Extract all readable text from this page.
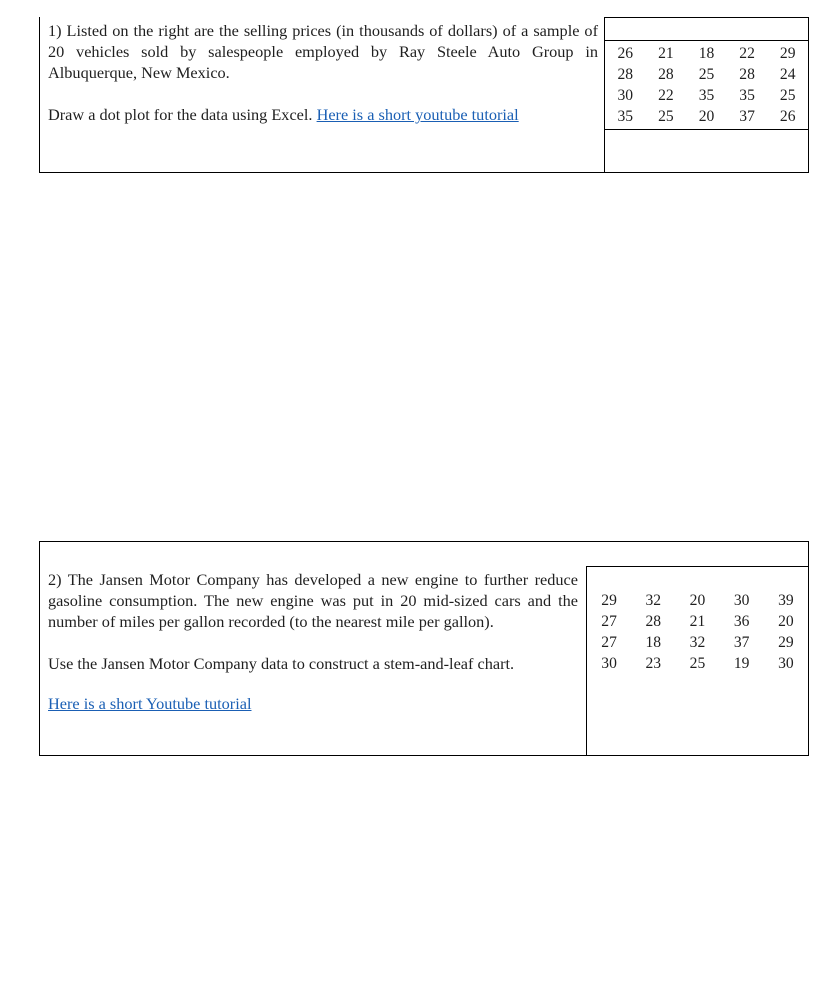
1) Listed on the right are the selling prices (in thousands of dollars) of a sample of 20 vehicles sold by salespeople employed by Ray Steele Auto Group in Albuquerque, New Mexico.

Draw a dot plot for the data using Excel. Here is a short youtube tutorial

26	21	18	22	29
28	28	25	28	24
30	22	35	35	25
35	25	20	37	26

2) The Jansen Motor Company has developed a new engine to further reduce gasoline consumption. The new engine was put in 20 mid-sized cars and the number of miles per gallon recorded (to the nearest mile per gallon).

Use the Jansen Motor Company data to construct a stem-and-leaf chart.

Here is a short Youtube tutorial

29	32	20	30	39
27	28	21	36	20
27	18	32	37	29
30	23	25	19	30
